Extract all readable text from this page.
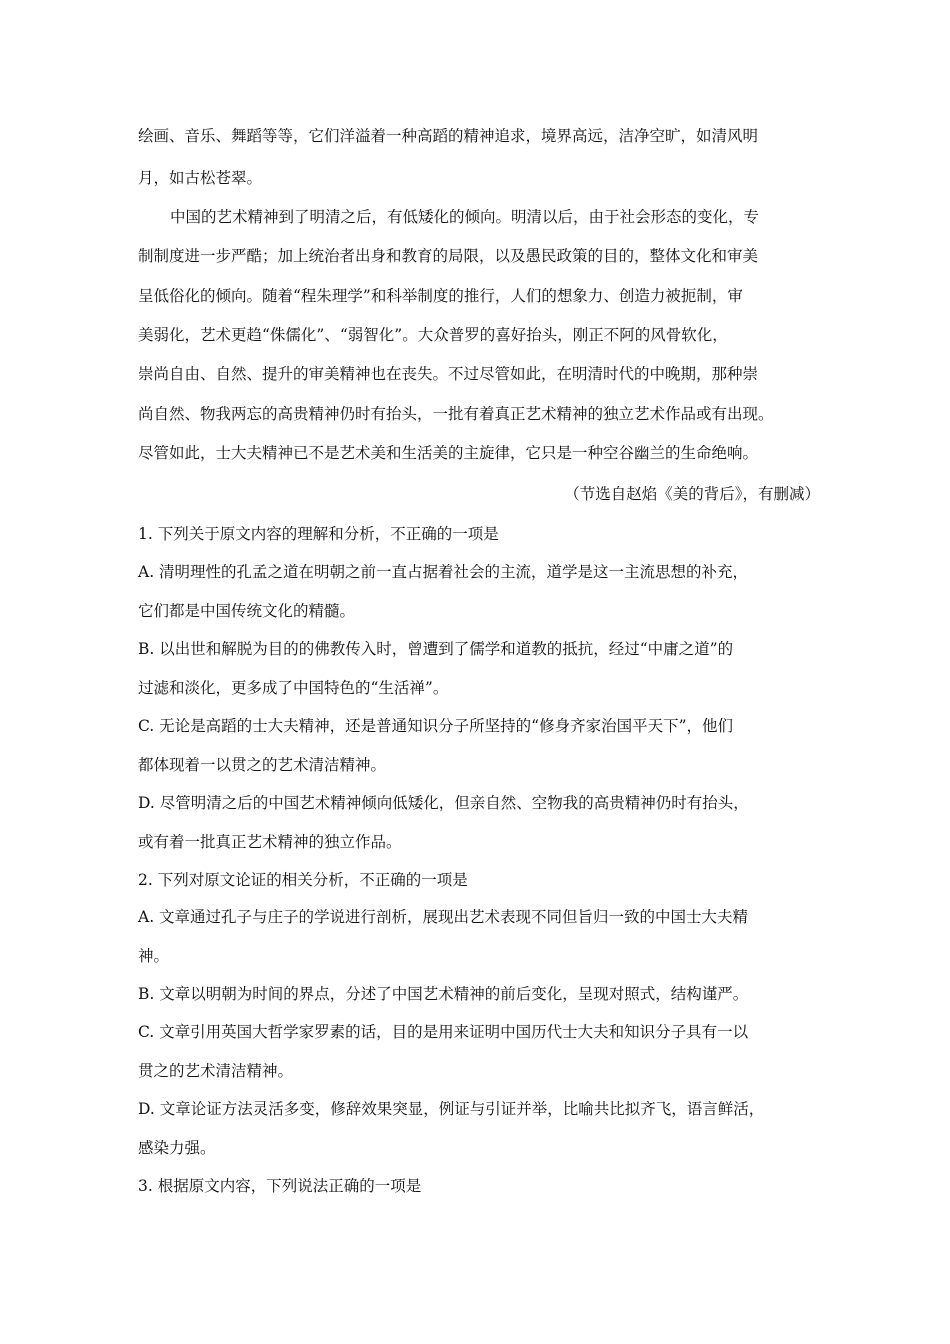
绘画、音乐、舞蹈等等，它们洋溢着一种高蹈的精神追求，境界高远，洁净空旷，如清风明
月，如古松苍翠。
中国的艺术精神到了明清之后，有低矮化的倾向。明清以后，由于社会形态的变化，专
制制度进一步严酷；加上统治者出身和教育的局限，以及愚民政策的目的，整体文化和审美
呈低俗化的倾向。随着“程朱理学”和科举制度的推行，人们的想象力、创造力被扼制，审
美弱化，艺术更趋“侏儒化”、“弱智化”。大众普罗的喜好抬头，刚正不阿的风骨软化，
崇尚自由、自然、提升的审美精神也在丧失。不过尽管如此，在明清时代的中晚期，那种崇
尚自然、物我两忘的高贵精神仍时有抬头，一批有着真正艺术精神的独立艺术作品或有出现。
尽管如此，士大夫精神已不是艺术美和生活美的主旋律，它只是一种空谷幽兰的生命绝响。
（节选自赵焰《美的背后》，有删减）
1. 下列关于原文内容的理解和分析，不正确的一项是
A. 清明理性的孔孟之道在明朝之前一直占据着社会的主流，道学是这一主流思想的补充，
它们都是中国传统文化的精髓。
B. 以出世和解脱为目的的佛教传入时，曾遭到了儒学和道教的抵抗，经过“中庸之道”的
过滤和淡化，更多成了中国特色的“生活禅”。
C. 无论是高蹈的士大夫精神，还是普通知识分子所坚持的“修身齐家治国平天下”，他们
都体现着一以贯之的艺术清洁精神。
D. 尽管明清之后的中国艺术精神倾向低矮化，但亲自然、空物我的高贵精神仍时有抬头，
或有着一批真正艺术精神的独立作品。
2. 下列对原文论证的相关分析，不正确的一项是
A. 文章通过孔子与庄子的学说进行剖析，展现出艺术表现不同但旨归一致的中国士大夫精
神。
B. 文章以明朝为时间的界点，分述了中国艺术精神的前后变化，呈现对照式，结构谨严。
C. 文章引用英国大哲学家罗素的话，目的是用来证明中国历代士大夫和知识分子具有一以
贯之的艺术清洁精神。
D. 文章论证方法灵活多变，修辞效果突显，例证与引证并举，比喻共比拟齐飞，语言鲜活，
感染力强。
3. 根据原文内容，下列说法正确的一项是
